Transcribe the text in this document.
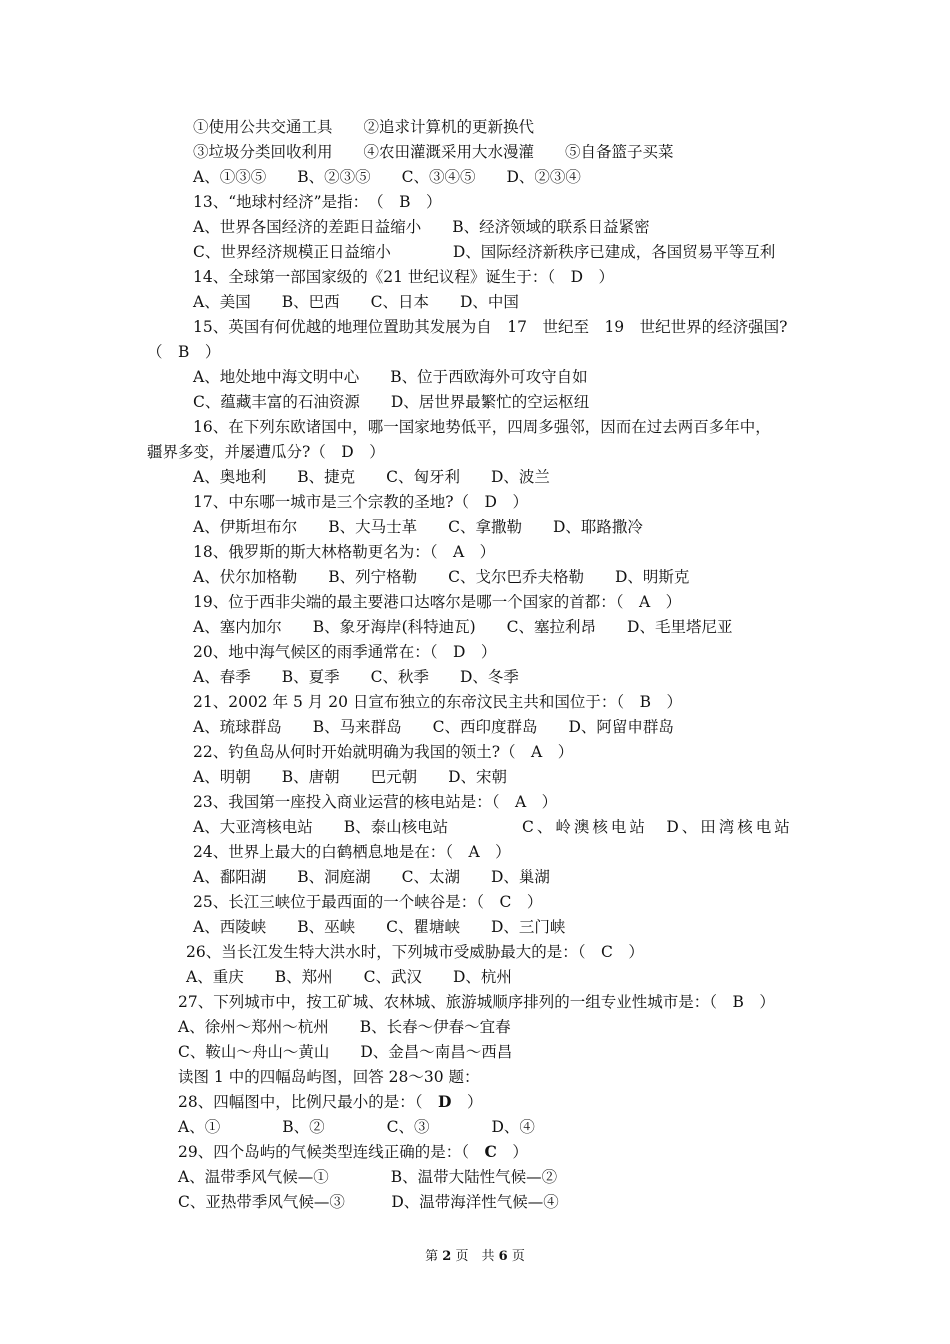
①使用公共交通工具　　②追求计算机的更新换代
③垃圾分类回收利用　　④农田灌溉采用大水漫灌　　⑤自备篮子买菜
A、①③⑤　　B、②③⑤　　C、③④⑤　　D、②③④
13、“地球村经济”是指：　（　B　）
A、世界各国经济的差距日益缩小　　B、经济领域的联系日益紧密
C、世界经济规模正日益缩小　　　　D、国际经济新秩序已建成，各国贸易平等互利
14、全球第一部国家级的《21 世纪议程》诞生于：（　D　）
A、美国　　B、巴西　　C、日本　　D、中国
15、英国有何优越的地理位置助其发展为自　17　世纪至　19　世纪世界的经济强国?
（　B　）
A、地处地中海文明中心　　B、位于西欧海外可攻守自如
C、蕴藏丰富的石油资源　　D、居世界最繁忙的空运枢纽
16、在下列东欧诸国中，哪一国家地势低平，四周多强邻，因而在过去两百多年中，
疆界多变，并屡遭瓜分?（　D　）
A、奥地利　　B、捷克　　C、匈牙利　　D、波兰
17、中东哪一城市是三个宗教的圣地?（　D　）
A、伊斯坦布尔　　B、大马士革　　C、拿撒勒　　D、耶路撒冷
18、俄罗斯的斯大林格勒更名为：（　A　）
A、伏尔加格勒　　B、列宁格勒　　C、戈尔巴乔夫格勒　　D、明斯克
19、位于西非尖端的最主要港口达喀尔是哪一个国家的首都：（　A　）
A、塞内加尔　　B、象牙海岸(科特迪瓦)　　C、塞拉利昂　　D、毛里塔尼亚
20、地中海气候区的雨季通常在：（　D　）
A、春季　　B、夏季　　C、秋季　　D、冬季
21、2002 年 5 月 20 日宣布独立的东帝汶民主共和国位于：（　B　）
A、琉球群岛　　B、马来群岛　　C、西印度群岛　　D、阿留申群岛
22、钓鱼岛从何时开始就明确为我国的领土?（　A　）
A、明朝　　B、唐朝　　巴元朝　　D、宋朝
23、我国第一座投入商业运营的核电站是：（　A　）
A、大亚湾核电站　　B、泰山核电站	C、岭澳核电站　D、田湾核电站
24、世界上最大的白鹤栖息地是在：（　A　）
A、鄱阳湖　　B、洞庭湖　　C、太湖　　D、巢湖
25、长江三峡位于最西面的一个峡谷是：（　C　）
A、西陵峡　　B、巫峡　　C、瞿塘峡　　D、三门峡
26、当长江发生特大洪水时，下列城市受威胁最大的是：（　C　）
A、重庆　　B、郑州　　C、武汉　　D、杭州
27、下列城市中，按工矿城、农林城、旅游城顺序排列的一组专业性城市是：（　B　）
A、徐州～郑州～杭州　　B、长春～伊春～宜春
C、鞍山～舟山～黄山　　D、金昌～南昌～西昌
读图 1 中的四幅岛屿图，回答 28～30 题：
28、四幅图中，比例尺最小的是：（　D　）
A、①　　　　B、②　　　　C、③　　　　D、④
29、四个岛屿的气候类型连线正确的是：（　C　）
A、温带季风气候—①　　　　B、温带大陆性气候—②
C、亚热带季风气候—③　　　D、温带海洋性气候—④
第 2 页　共 6 页
